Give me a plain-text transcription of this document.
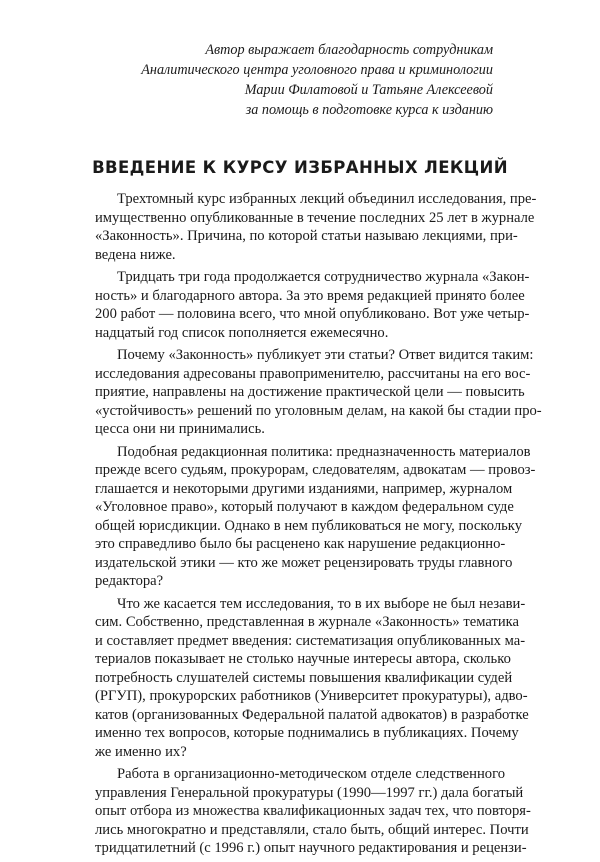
Автор выражает благодарность сотрудникам
Аналитического центра уголовного права и криминологии
Марии Филатовой и Татьяне Алексеевой
за помощь в подготовке курса к изданию
ВВЕДЕНИЕ К КУРСУ ИЗБРАННЫХ ЛЕКЦИЙ
Трехтомный курс избранных лекций объединил исследования, пре-
имущественно опубликованные в течение последних 25 лет в журнале
«Законность». Причина, по которой статьи называю лекциями, при-
ведена ниже.
Тридцать три года продолжается сотрудничество журнала «Закон-
ность» и благодарного автора. За это время редакцией принято более
200 работ — половина всего, что мной опубликовано. Вот уже четыр-
надцатый год список пополняется ежемесячно.
Почему «Законность» публикует эти статьи? Ответ видится таким:
исследования адресованы правоприменителю, рассчитаны на его вос-
приятие, направлены на достижение практической цели — повысить
«устойчивость» решений по уголовным делам, на какой бы стадии про-
цесса они ни принимались.
Подобная редакционная политика: предназначенность материалов
прежде всего судьям, прокурорам, следователям, адвокатам — провоз-
глашается и некоторыми другими изданиями, например, журналом
«Уголовное право», который получают в каждом федеральном суде
общей юрисдикции. Однако в нем публиковаться не могу, поскольку
это справедливо было бы расценено как нарушение редакционно-
издательской этики — кто же может рецензировать труды главного
редактора?
Что же касается тем исследования, то в их выборе не был незави-
сим. Собственно, представленная в журнале «Законность» тематика
и составляет предмет введения: систематизация опубликованных ма-
териалов показывает не столько научные интересы автора, сколько
потребность слушателей системы повышения квалификации судей
(РГУП), прокурорских работников (Университет прокуратуры), адво-
катов (организованных Федеральной палатой адвокатов) в разработке
именно тех вопросов, которые поднимались в публикациях. Почему
же именно их?
Работа в организационно-методическом отделе следственного
управления Генеральной прокуратуры (1990—1997 гг.) дала богатый
опыт отбора из множества квалификационных задач тех, что повторя-
лись многократно и представляли, стало быть, общий интерес. Почти
тридцатилетний (с 1996 г.) опыт научного редактирования и рецензи-
